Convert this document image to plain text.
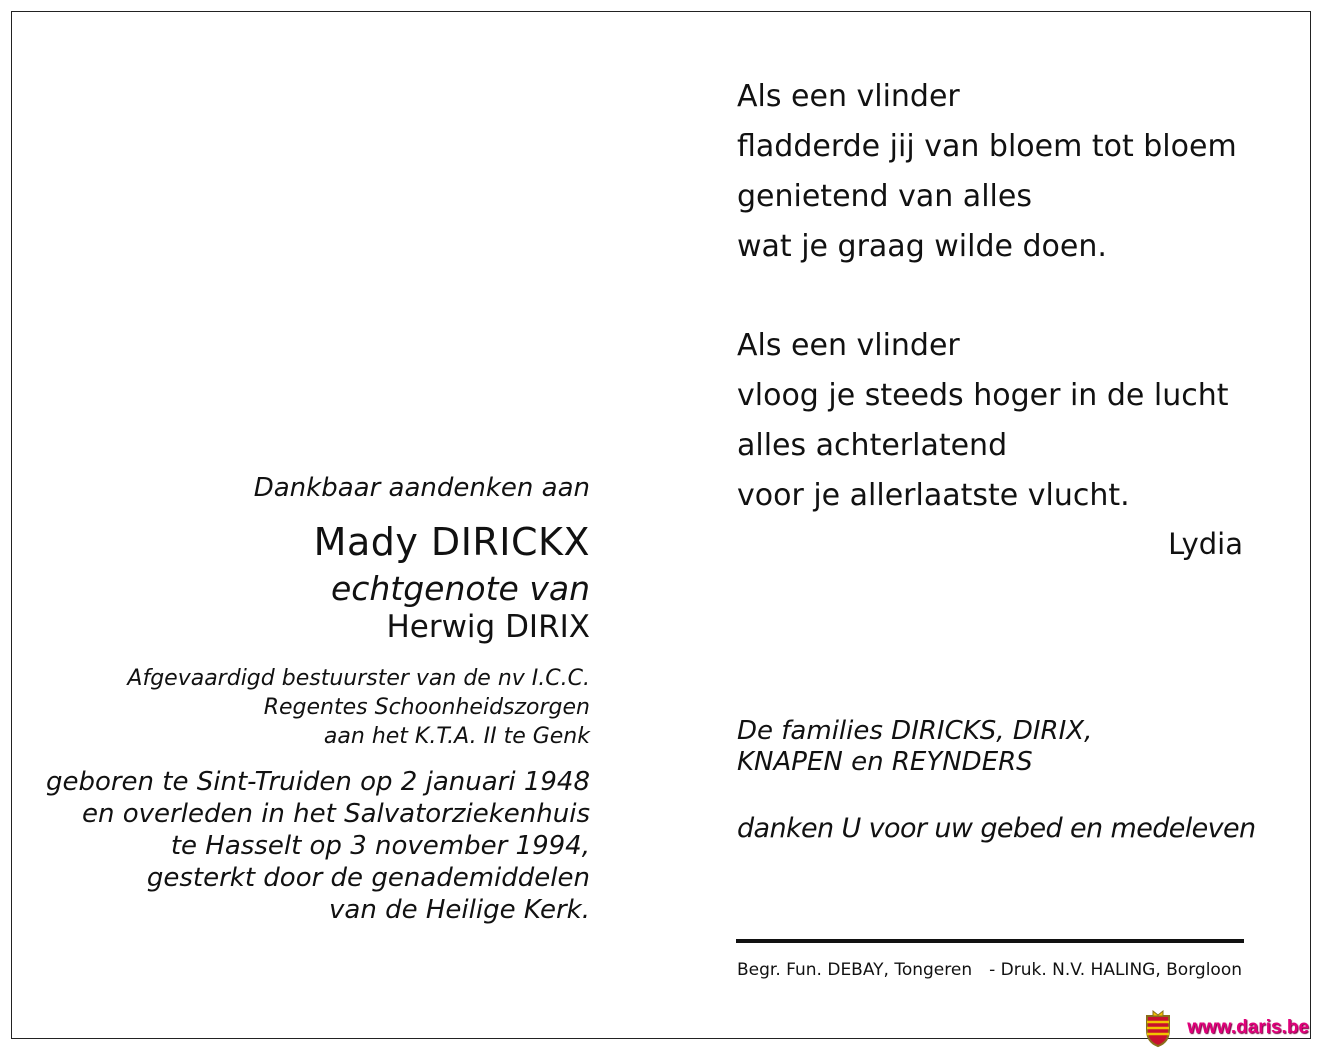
Dankbaar aandenken aan
Mady DIRICKX
echtgenote van
Herwig DIRIX
Afgevaardigd bestuurster van de nv I.C.C.
Regentes Schoonheidszorgen
aan het K.T.A. II te Genk
geboren te Sint-Truiden op 2 januari 1948
en overleden in het Salvatorziekenhuis
te Hasselt op 3 november 1994,
gesterkt door de genademiddelen
van de Heilige Kerk.
Als een vlinder
fladderde jij van bloem tot bloem
genietend van alles
wat je graag wilde doen.
Als een vlinder
vloog je steeds hoger in de lucht
alles achterlatend
voor je allerlaatste vlucht.
Lydia
De families DIRICKS, DIRIX,
KNAPEN en REYNDERS
danken U voor uw gebed en medeleven
Begr. Fun. DEBAY, Tongeren - Druk. N.V. HALING, Borgloon
www.daris.be
